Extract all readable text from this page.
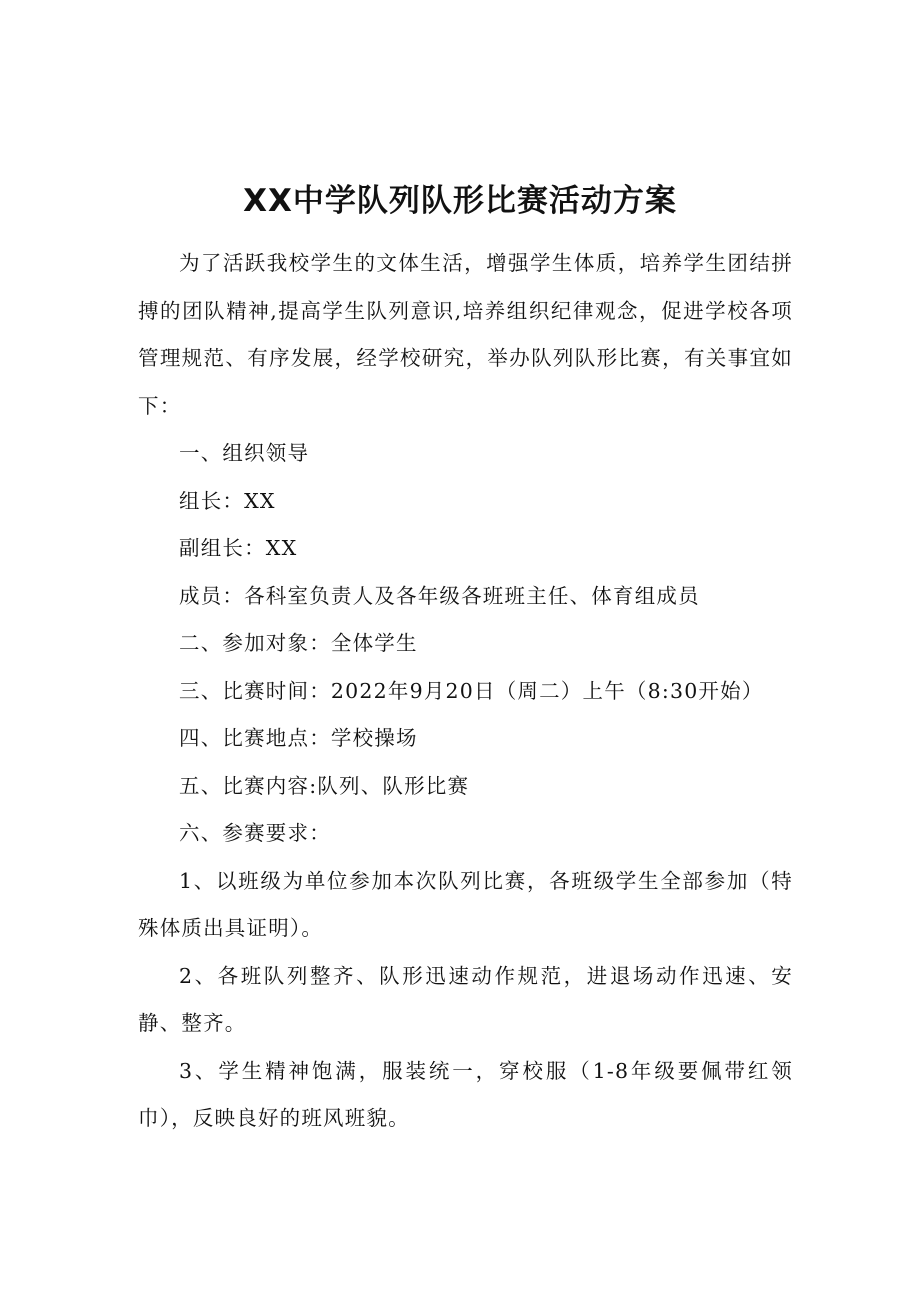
XX中学队列队形比赛活动方案

为了活跃我校学生的文体生活，增强学生体质，培养学生团结拼搏的团队精神,提高学生队列意识,培养组织纪律观念，促进学校各项管理规范、有序发展，经学校研究，举办队列队形比赛，有关事宜如下：

一、组织领导

组长：XX

副组长：XX

成员：各科室负责人及各年级各班班主任、体育组成员

二、参加对象：全体学生

三、比赛时间：2022年9月20日（周二）上午（8:30开始）

四、比赛地点：学校操场

五、比赛内容:队列、队形比赛

六、参赛要求：

1、以班级为单位参加本次队列比赛，各班级学生全部参加（特殊体质出具证明）。

2、各班队列整齐、队形迅速动作规范，进退场动作迅速、安静、整齐。

3、学生精神饱满，服装统一，穿校服（1-8年级要佩带红领巾），反映良好的班风班貌。
